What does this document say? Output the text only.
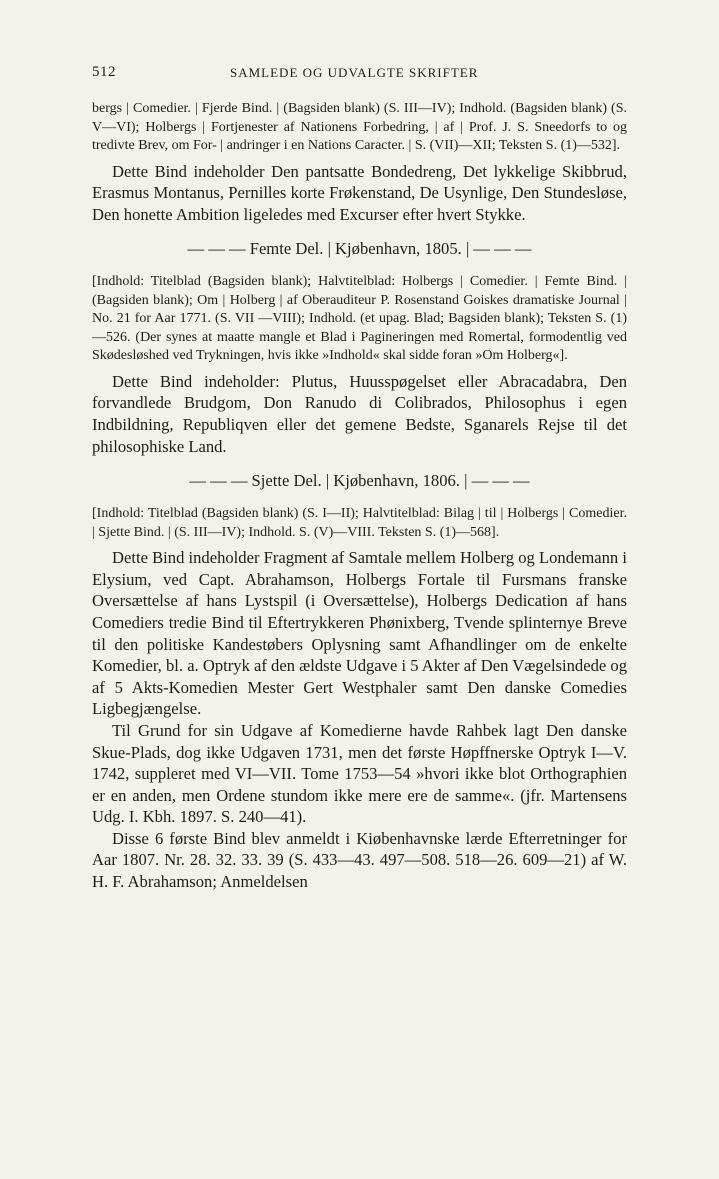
512	SAMLEDE OG UDVALGTE SKRIFTER

bergs | Comedier. | Fjerde Bind. | (Bagsiden blank) (S. III—IV); Indhold. (Bagsiden blank) (S. V—VI); Holbergs | Fortjenester af Nationens Forbedring, | af | Prof. J. S. Sneedorfs to og tredivte Brev, om For- | andringer i en Nations Caracter. | S. (VII)—XII; Teksten S. (1)—532].

Dette Bind indeholder Den pantsatte Bondedreng, Det lykkelige Skibbrud, Erasmus Montanus, Pernilles korte Frøkenstand, De Usynlige, Den Stundesløse, Den honette Ambition ligeledes med Excurser efter hvert Stykke.

— — — Femte Del. | Kjøbenhavn, 1805. | — — —

[Indhold: Titelblad (Bagsiden blank); Halvtitelblad: Holbergs | Comedier. | Femte Bind. | (Bagsiden blank); Om | Holberg | af Oberauditeur P. Rosenstand Goiskes dramatiske Journal | No. 21 for Aar 1771. (S. VII —VIII); Indhold. (et upag. Blad; Bagsiden blank); Teksten S. (1)—526. (Der synes at maatte mangle et Blad i Pagineringen med Romertal, formodentlig ved Skødesløshed ved Trykningen, hvis ikke »Indhold« skal sidde foran »Om Holberg«].

Dette Bind indeholder: Plutus, Huusspøgelset eller Abracadabra, Den forvandlede Brudgom, Don Ranudo di Colibrados, Philosophus i egen Indbildning, Republiqven eller det gemene Bedste, Sganarels Rejse til det philosophiske Land.

— — — Sjette Del. | Kjøbenhavn, 1806. | — — —

[Indhold: Titelblad (Bagsiden blank) (S. I—II); Halvtitelblad: Bilag | til | Holbergs | Comedier. | Sjette Bind. | (S. III—IV); Indhold. S. (V)—VIII. Teksten S. (1)—568].

Dette Bind indeholder Fragment af Samtale mellem Holberg og Londemann i Elysium, ved Capt. Abrahamson, Holbergs Fortale til Fursmans franske Oversættelse af hans Lystspil (i Oversættelse), Holbergs Dedication af hans Comediers tredie Bind til Eftertrykkeren Phønixberg, Tvende splinternye Breve til den politiske Kandestøbers Oplysning samt Afhandlinger om de enkelte Komedier, bl. a. Optryk af den ældste Udgave i 5 Akter af Den Vægelsindede og af 5 Akts-Komedien Mester Gert Westphaler samt Den danske Comedies Ligbegjængelse.

Til Grund for sin Udgave af Komedierne havde Rahbek lagt Den danske Skue-Plads, dog ikke Udgaven 1731, men det første Høpffnerske Optryk I—V. 1742, suppleret med VI—VII. Tome 1753—54 »hvori ikke blot Orthographien er en anden, men Ordene stundom ikke mere ere de samme«. (jfr. Martensens Udg. I. Kbh. 1897. S. 240—41).

Disse 6 første Bind blev anmeldt i Kiøbenhavnske lærde Efterretninger for Aar 1807. Nr. 28. 32. 33. 39 (S. 433—43. 497—508. 518—26. 609—21) af W. H. F. Abrahamson; Anmeldelsen
